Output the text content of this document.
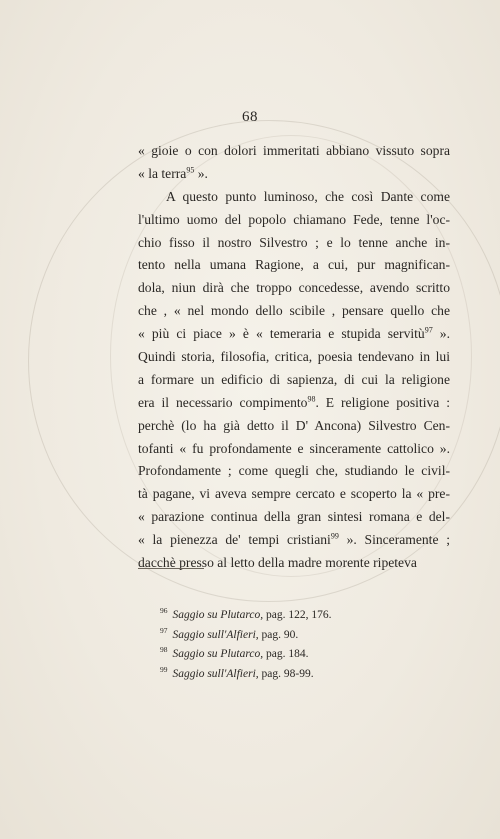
68
« gioie o con dolori immeritati abbiano vissuto sopra
« la terra$^{95}$ ».
A questo punto luminoso, che così Dante come
l'ultimo uomo del popolo chiamano Fede, tenne l'oc-
chio fisso il nostro Silvestro ; e lo tenne anche in-
tento nella umana Ragione, a cui, pur magnifican-
dola, niun dirà che troppo concedesse, avendo scritto
che , « nel mondo dello scibile , pensare quello che
« più ci piace » è « temeraria e stupida servitù$^{97}$ ».
Quindi storia, filosofia, critica, poesia tendevano in lui
a formare un edificio di sapienza, di cui la religione
era il necessario compimento$^{98}$. E religione positiva :
perchè (lo ha già detto il D' Ancona) Silvestro Cen-
tofanti « fu profondamente e sinceramente cattolico ».
Profondamente ; come quegli che, studiando le civil-
tà pagane, vi aveva sempre cercato e scoperto la « pre-
« parazione continua della gran sintesi romana e del-
« la pienezza de' tempi cristiani$^{99}$ ». Sinceramente ;
dacchè presso al letto della madre morente ripeteva
$^{96}$ Saggio su Plutarco, pag. 122, 176.
$^{97}$ Saggio sull'Alfieri, pag. 90.
$^{98}$ Saggio su Plutarco, pag. 184.
$^{99}$ Saggio sull'Alfieri, pag. 98-99.
